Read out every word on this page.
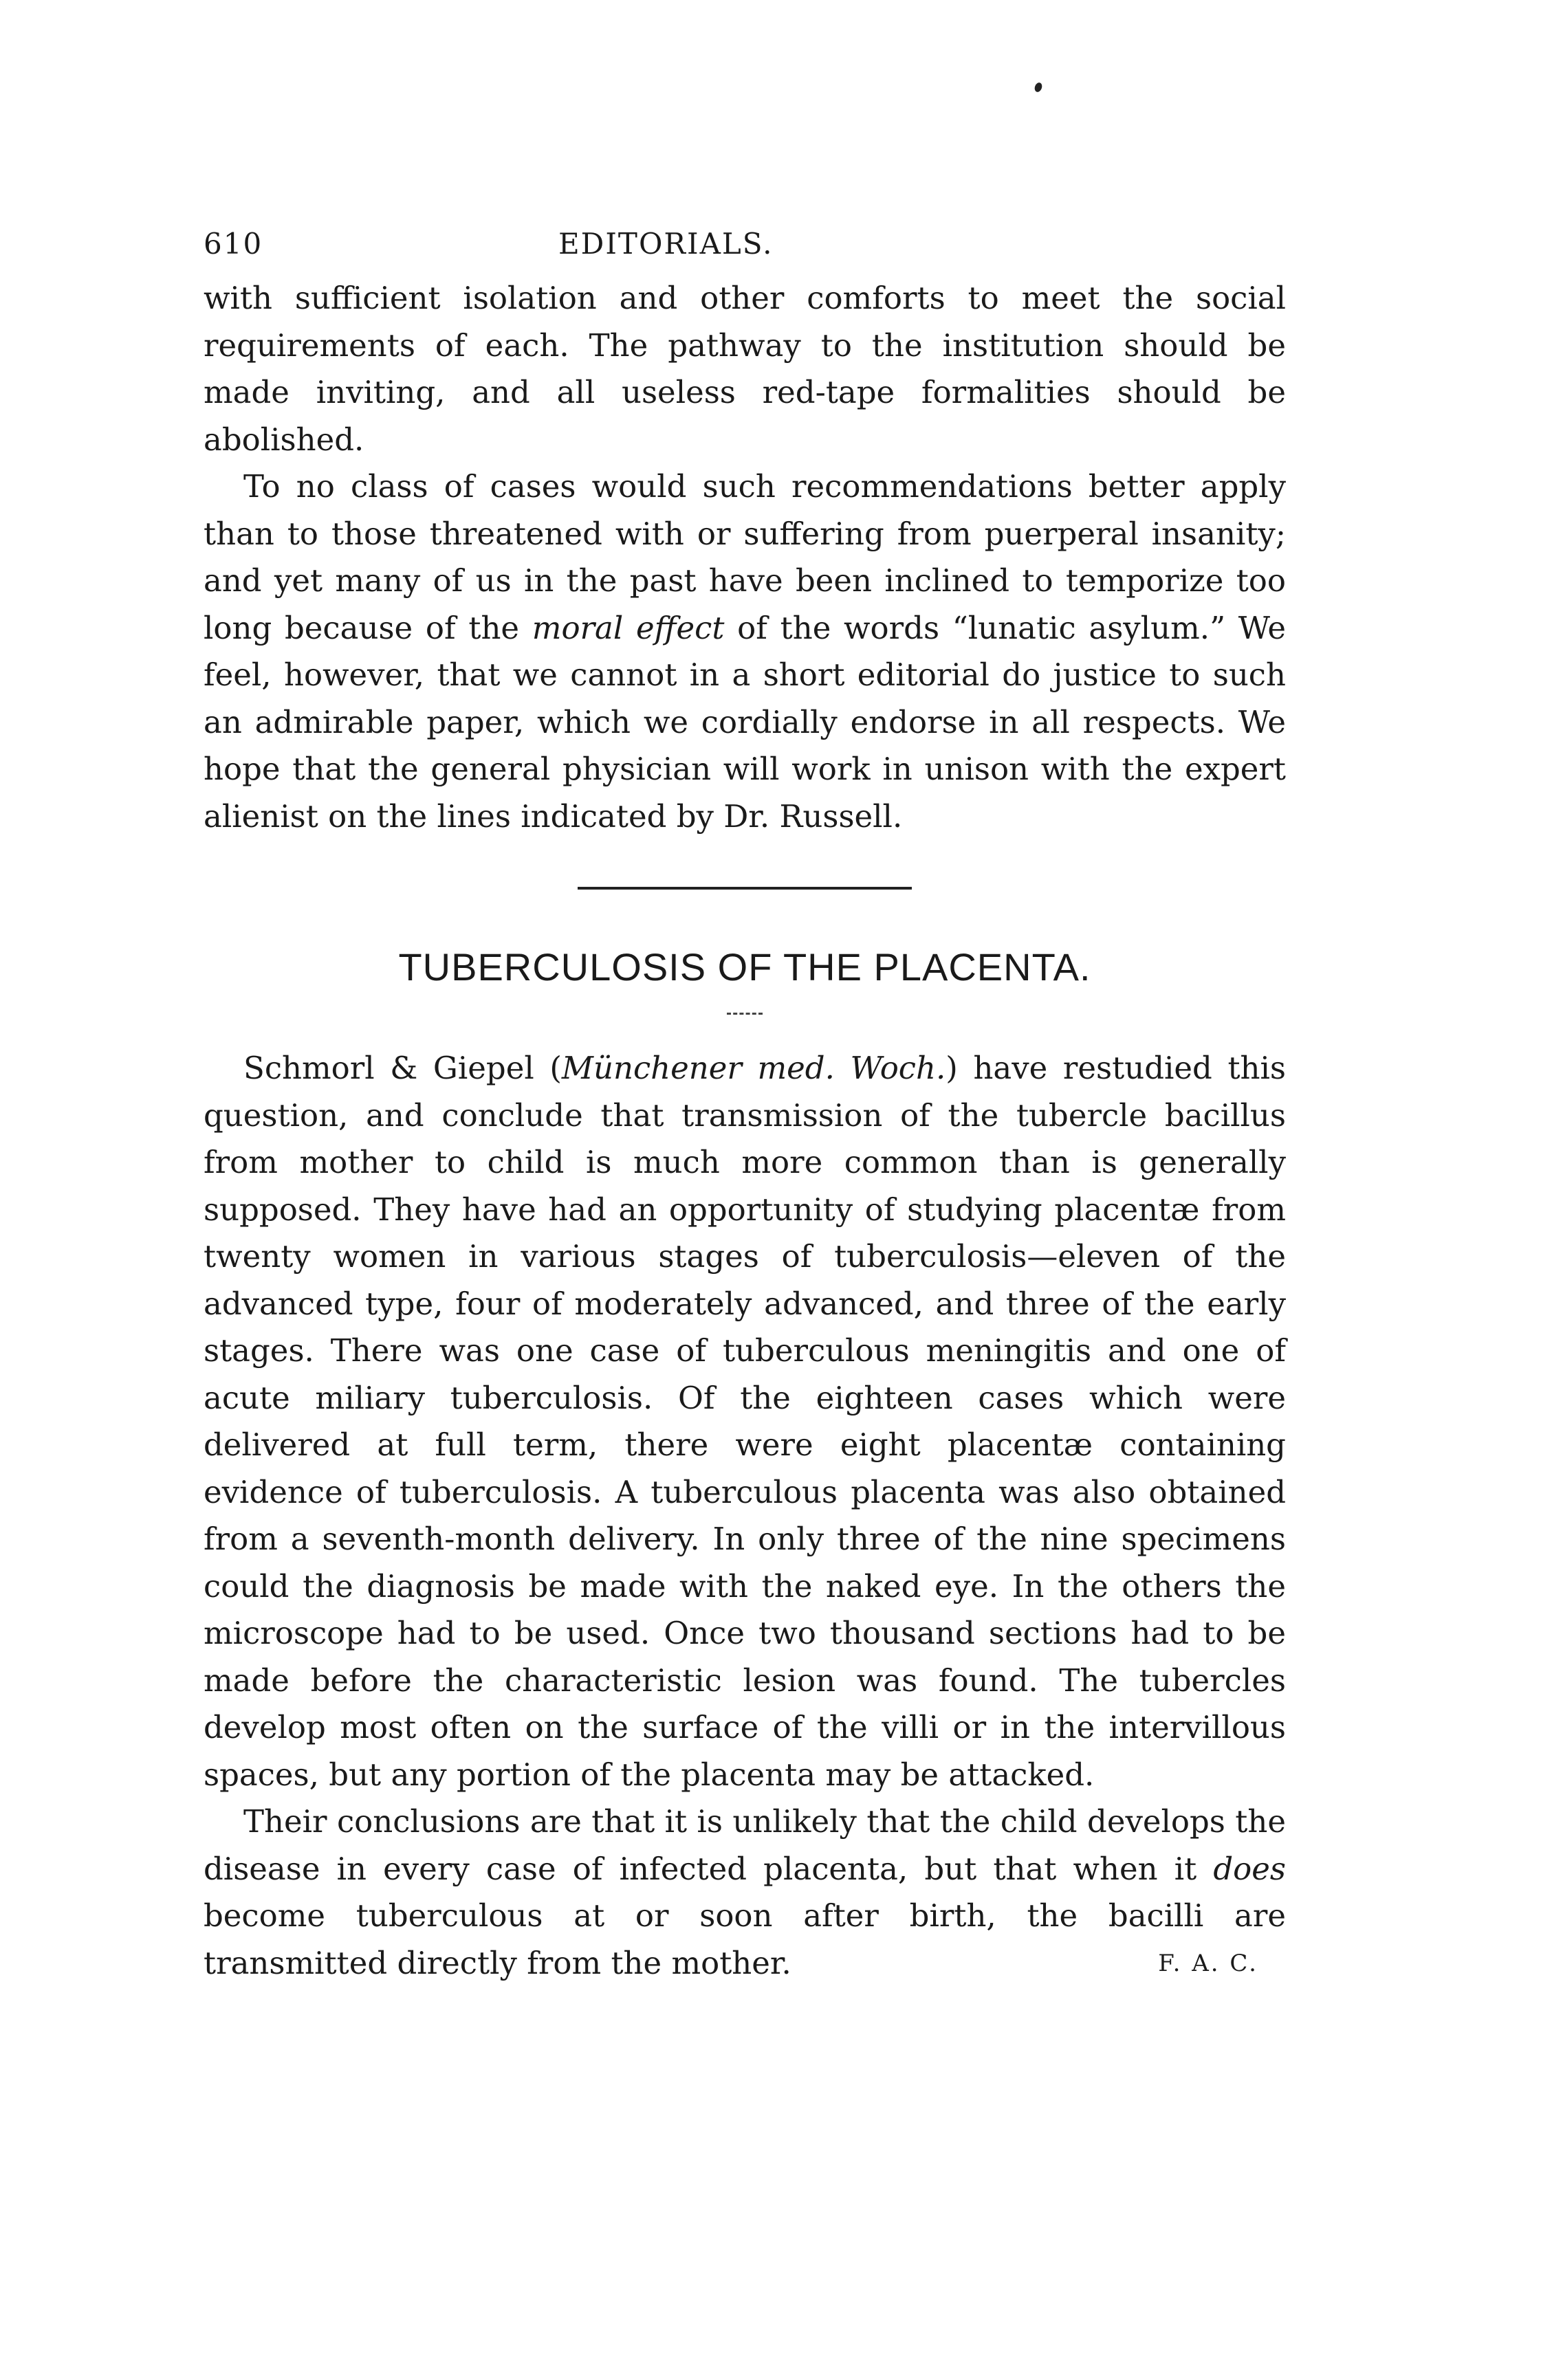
610	EDITORIALS.

with sufficient isolation and other comforts to meet the social requirements of each. The pathway to the institution should be made inviting, and all useless red-tape formalities should be abolished.

To no class of cases would such recommendations better apply than to those threatened with or suffering from puerperal insanity; and yet many of us in the past have been inclined to temporize too long because of the moral effect of the words “lunatic asylum.” We feel, however, that we cannot in a short editorial do justice to such an admirable paper, which we cordially endorse in all respects. We hope that the general physician will work in unison with the expert alienist on the lines indicated by Dr. Russell.

TUBERCULOSIS OF THE PLACENTA.

Schmorl & Giepel (Münchener med. Woch.) have restudied this question, and conclude that transmission of the tubercle bacillus from mother to child is much more common than is generally supposed. They have had an opportunity of studying placentæ from twenty women in various stages of tuberculosis—eleven of the advanced type, four of moderately advanced, and three of the early stages. There was one case of tuberculous meningitis and one of acute miliary tuberculosis. Of the eighteen cases which were delivered at full term, there were eight placentæ containing evidence of tuberculosis. A tuberculous placenta was also obtained from a seventh-month delivery. In only three of the nine specimens could the diagnosis be made with the naked eye. In the others the microscope had to be used. Once two thousand sections had to be made before the characteristic lesion was found. The tubercles develop most often on the surface of the villi or in the intervillous spaces, but any portion of the placenta may be attacked.

Their conclusions are that it is unlikely that the child develops the disease in every case of infected placenta, but that when it does become tuberculous at or soon after birth, the bacilli are transmitted directly from the mother.	F. A. C.
